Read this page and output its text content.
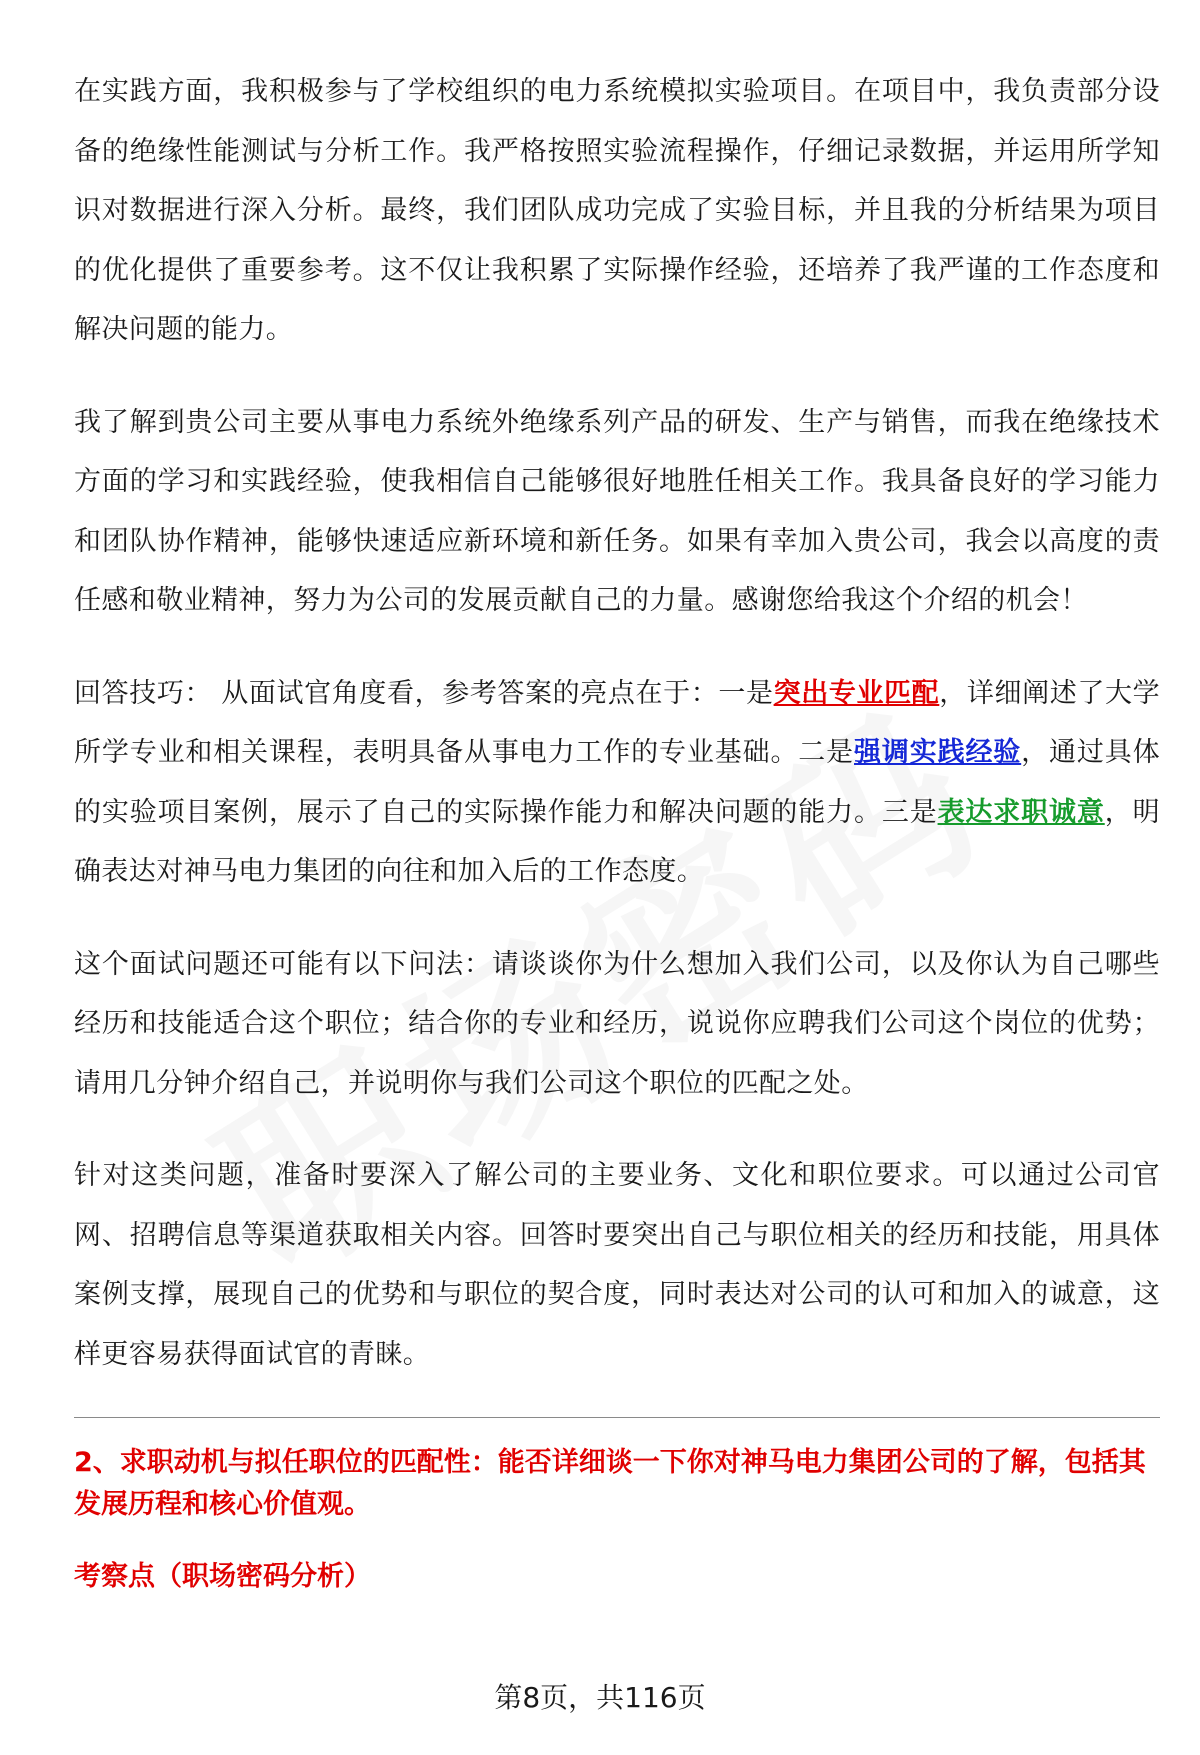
在实践方面，我积极参与了学校组织的电力系统模拟实验项目。在项目中，我负责部分设备的绝缘性能测试与分析工作。我严格按照实验流程操作，仔细记录数据，并运用所学知识对数据进行深入分析。最终，我们团队成功完成了实验目标，并且我的分析结果为项目的优化提供了重要参考。这不仅让我积累了实际操作经验，还培养了我严谨的工作态度和解决问题的能力。

我了解到贵公司主要从事电力系统外绝缘系列产品的研发、生产与销售，而我在绝缘技术方面的学习和实践经验，使我相信自己能够很好地胜任相关工作。我具备良好的学习能力和团队协作精神，能够快速适应新环境和新任务。如果有幸加入贵公司，我会以高度的责任感和敬业精神，努力为公司的发展贡献自己的力量。感谢您给我这个介绍的机会！

回答技巧： 从面试官角度看，参考答案的亮点在于：一是突出专业匹配，详细阐述了大学所学专业和相关课程，表明具备从事电力工作的专业基础。二是强调实践经验，通过具体的实验项目案例，展示了自己的实际操作能力和解决问题的能力。三是表达求职诚意，明确表达对神马电力集团的向往和加入后的工作态度。

这个面试问题还可能有以下问法：请谈谈你为什么想加入我们公司，以及你认为自己哪些经历和技能适合这个职位；结合你的专业和经历，说说你应聘我们公司这个岗位的优势；请用几分钟介绍自己，并说明你与我们公司这个职位的匹配之处。

针对这类问题，准备时要深入了解公司的主要业务、文化和职位要求。可以通过公司官网、招聘信息等渠道获取相关内容。回答时要突出自己与职位相关的经历和技能，用具体案例支撑，展现自己的优势和与职位的契合度，同时表达对公司的认可和加入的诚意，这样更容易获得面试官的青睐。

2、求职动机与拟任职位的匹配性：能否详细谈一下你对神马电力集团公司的了解，包括其发展历程和核心价值观。
考察点（职场密码分析）
第8页，共116页
